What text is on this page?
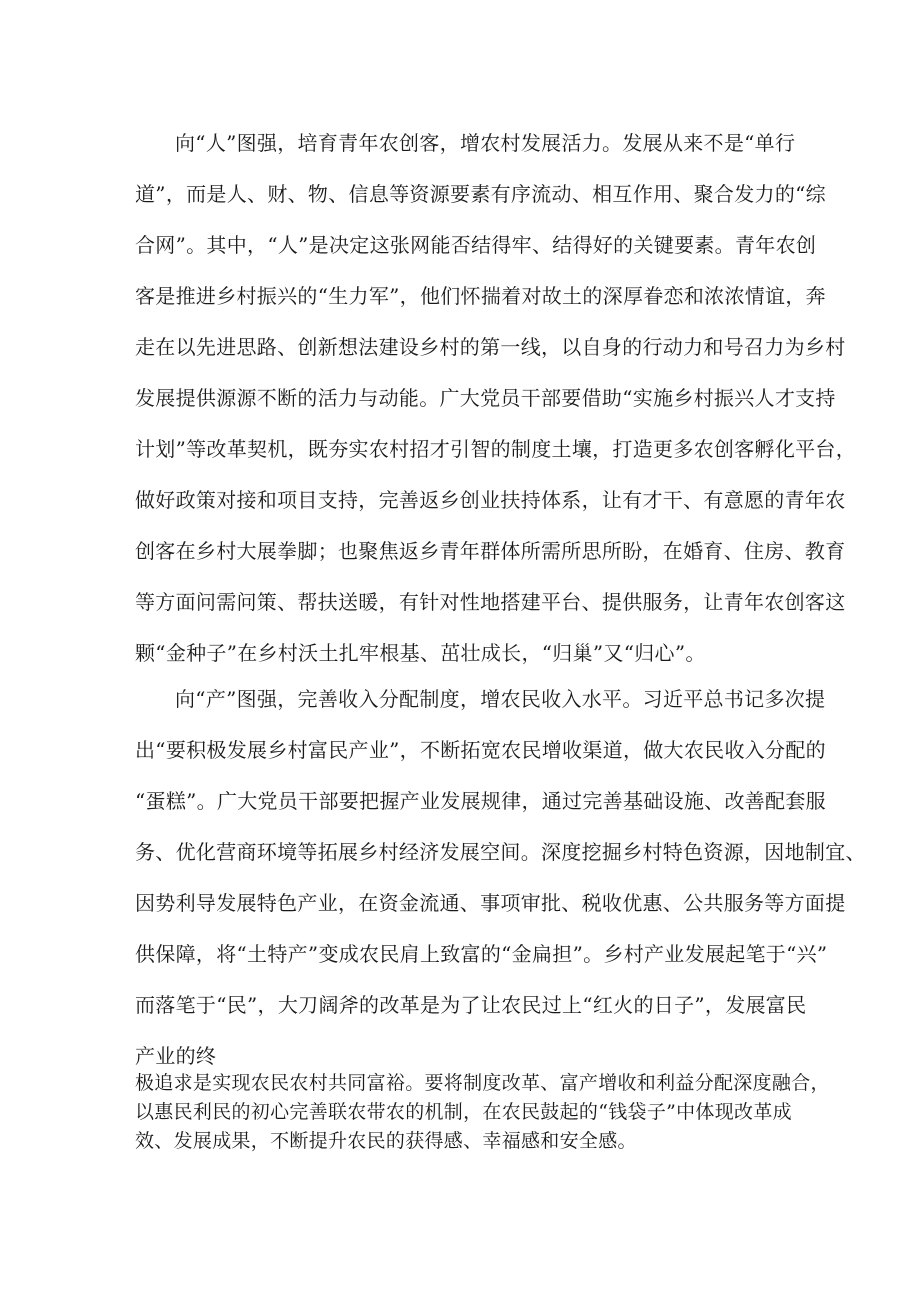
向“人”图强，培育青年农创客，增农村发展活力。发展从来不是“单行
道”，而是人、财、物、信息等资源要素有序流动、相互作用、聚合发力的“综
合网”。其中，“人”是决定这张网能否结得牢、结得好的关键要素。青年农创
客是推进乡村振兴的“生力军”，他们怀揣着对故土的深厚眷恋和浓浓情谊，奔
走在以先进思路、创新想法建设乡村的第一线，以自身的行动力和号召力为乡村
发展提供源源不断的活力与动能。广大党员干部要借助“实施乡村振兴人才支持
计划”等改革契机，既夯实农村招才引智的制度土壤，打造更多农创客孵化平台，
做好政策对接和项目支持，完善返乡创业扶持体系，让有才干、有意愿的青年农
创客在乡村大展拳脚；也聚焦返乡青年群体所需所思所盼，在婚育、住房、教育
等方面问需问策、帮扶送暖，有针对性地搭建平台、提供服务，让青年农创客这
颗“金种子”在乡村沃土扎牢根基、茁壮成长，“归巢”又“归心”。
向“产”图强，完善收入分配制度，增农民收入水平。习近平总书记多次提
出“要积极发展乡村富民产业”，不断拓宽农民增收渠道，做大农民收入分配的
“蛋糕”。广大党员干部要把握产业发展规律，通过完善基础设施、改善配套服
务、优化营商环境等拓展乡村经济发展空间。深度挖掘乡村特色资源，因地制宜、
因势利导发展特色产业，在资金流通、事项审批、税收优惠、公共服务等方面提
供保障，将“土特产”变成农民肩上致富的“金扁担”。乡村产业发展起笔于“兴”
而落笔于“民”，大刀阔斧的改革是为了让农民过上“红火的日子”，发展富民
产业的终
极追求是实现农民农村共同富裕。要将制度改革、富产增收和利益分配深度融合，
以惠民利民的初心完善联农带农的机制，在农民鼓起的“钱袋子”中体现改革成
效、发展成果，不断提升农民的获得感、幸福感和安全感。
